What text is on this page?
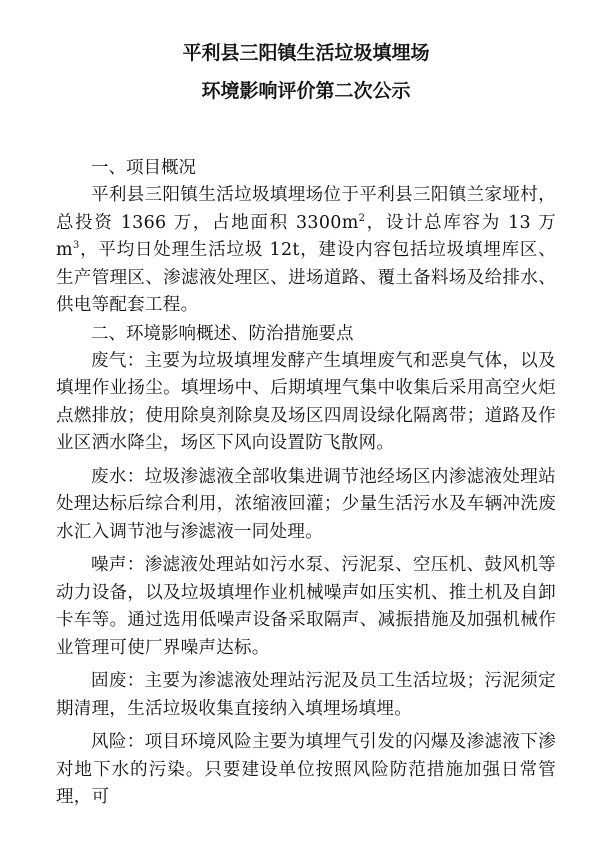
平利县三阳镇生活垃圾填埋场
环境影响评价第二次公示

一、项目概况

平利县三阳镇生活垃圾填埋场位于平利县三阳镇兰家垭村，总投资 1366 万，占地面积 $3300m^2$，设计总库容为 13 万 $m^3$，平均日处理生活垃圾 12t，建设内容包括垃圾填埋库区、生产管理区、渗滤液处理区、进场道路、覆土备料场及给排水、供电等配套工程。

二、环境影响概述、防治措施要点

废气：主要为垃圾填埋发酵产生填埋废气和恶臭气体，以及填埋作业扬尘。填埋场中、后期填埋气集中收集后采用高空火炬点燃排放；使用除臭剂除臭及场区四周设绿化隔离带；道路及作业区洒水降尘，场区下风向设置防飞散网。

废水：垃圾渗滤液全部收集进调节池经场区内渗滤液处理站处理达标后综合利用，浓缩液回灌；少量生活污水及车辆冲洗废水汇入调节池与渗滤液一同处理。

噪声：渗滤液处理站如污水泵、污泥泵、空压机、鼓风机等动力设备，以及垃圾填埋作业机械噪声如压实机、推土机及自卸卡车等。通过选用低噪声设备采取隔声、减振措施及加强机械作业管理可使厂界噪声达标。

固废：主要为渗滤液处理站污泥及员工生活垃圾；污泥须定期清理，生活垃圾收集直接纳入填埋场填埋。

风险：项目环境风险主要为填埋气引发的闪爆及渗滤液下渗对地下水的污染。只要建设单位按照风险防范措施加强日常管理，可
